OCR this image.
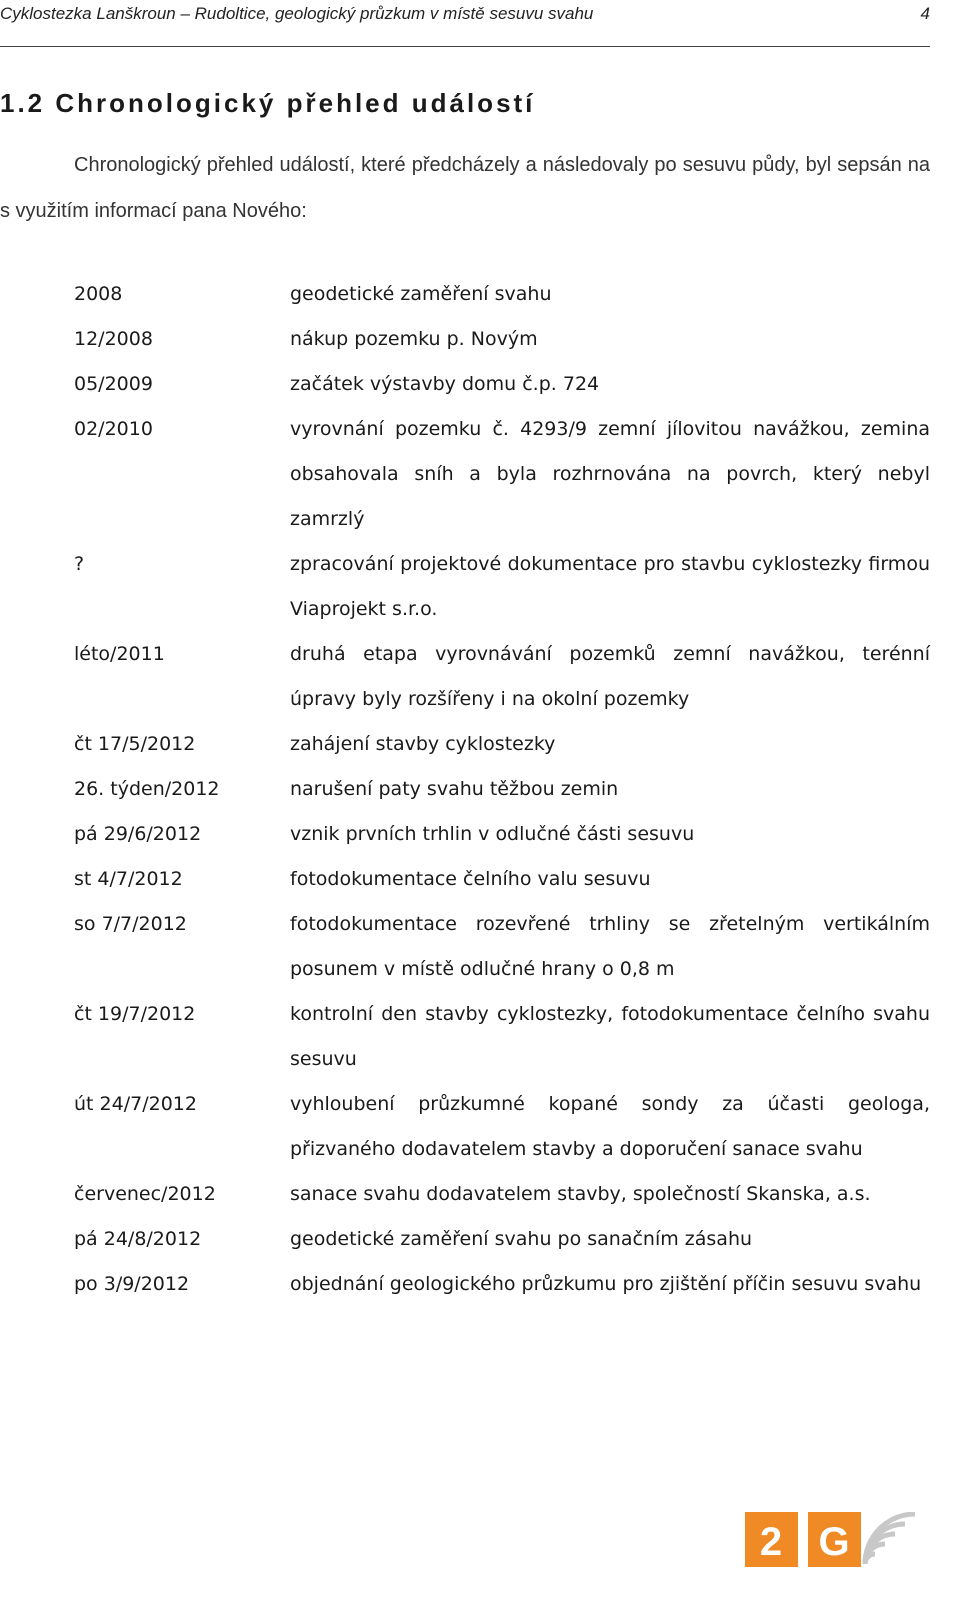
Cyklostezka Lanškroun – Rudoltice, geologický průzkum v místě sesuvu svahu	4
1.2 Chronologický přehled událostí
Chronologický přehled událostí, které předcházely a následovaly po sesuvu půdy, byl sepsán na s využitím informací pana Nového:
2008	geodetické zaměření svahu
12/2008	nákup pozemku p. Novým
05/2009	začátek výstavby domu č.p. 724
02/2010	vyrovnání pozemku č. 4293/9 zemní jílovitou navážkou, zemina obsahovala sníh a byla rozhrnována na povrch, který nebyl zamrzlý
?	zpracování projektové dokumentace pro stavbu cyklostezky firmou Viaprojekt s.r.o.
léto/2011	druhá etapa vyrovnávání pozemků zemní navážkou, terénní úpravy byly rozšířeny i na okolní pozemky
čt 17/5/2012	zahájení stavby cyklostezky
26. týden/2012	narušení paty svahu těžbou zemin
pá 29/6/2012	vznik prvních trhlin v odlučné části sesuvu
st 4/7/2012	fotodokumentace čelního valu sesuvu
so 7/7/2012	fotodokumentace rozevřené trhliny se zřetelným vertikálním posunem v místě odlučné hrany o 0,8 m
čt 19/7/2012	kontrolní den stavby cyklostezky, fotodokumentace čelního svahu sesuvu
út 24/7/2012	vyhloubení průzkumné kopané sondy za účasti geologa, přizvaného dodavatelem stavby a doporučení sanace svahu
červenec/2012	sanace svahu dodavatelem stavby, společností Skanska, a.s.
pá 24/8/2012	geodetické zaměření svahu po sanačním zásahu
po 3/9/2012	objednání geologického průzkumu pro zjištění příčin sesuvu svahu
2 G
